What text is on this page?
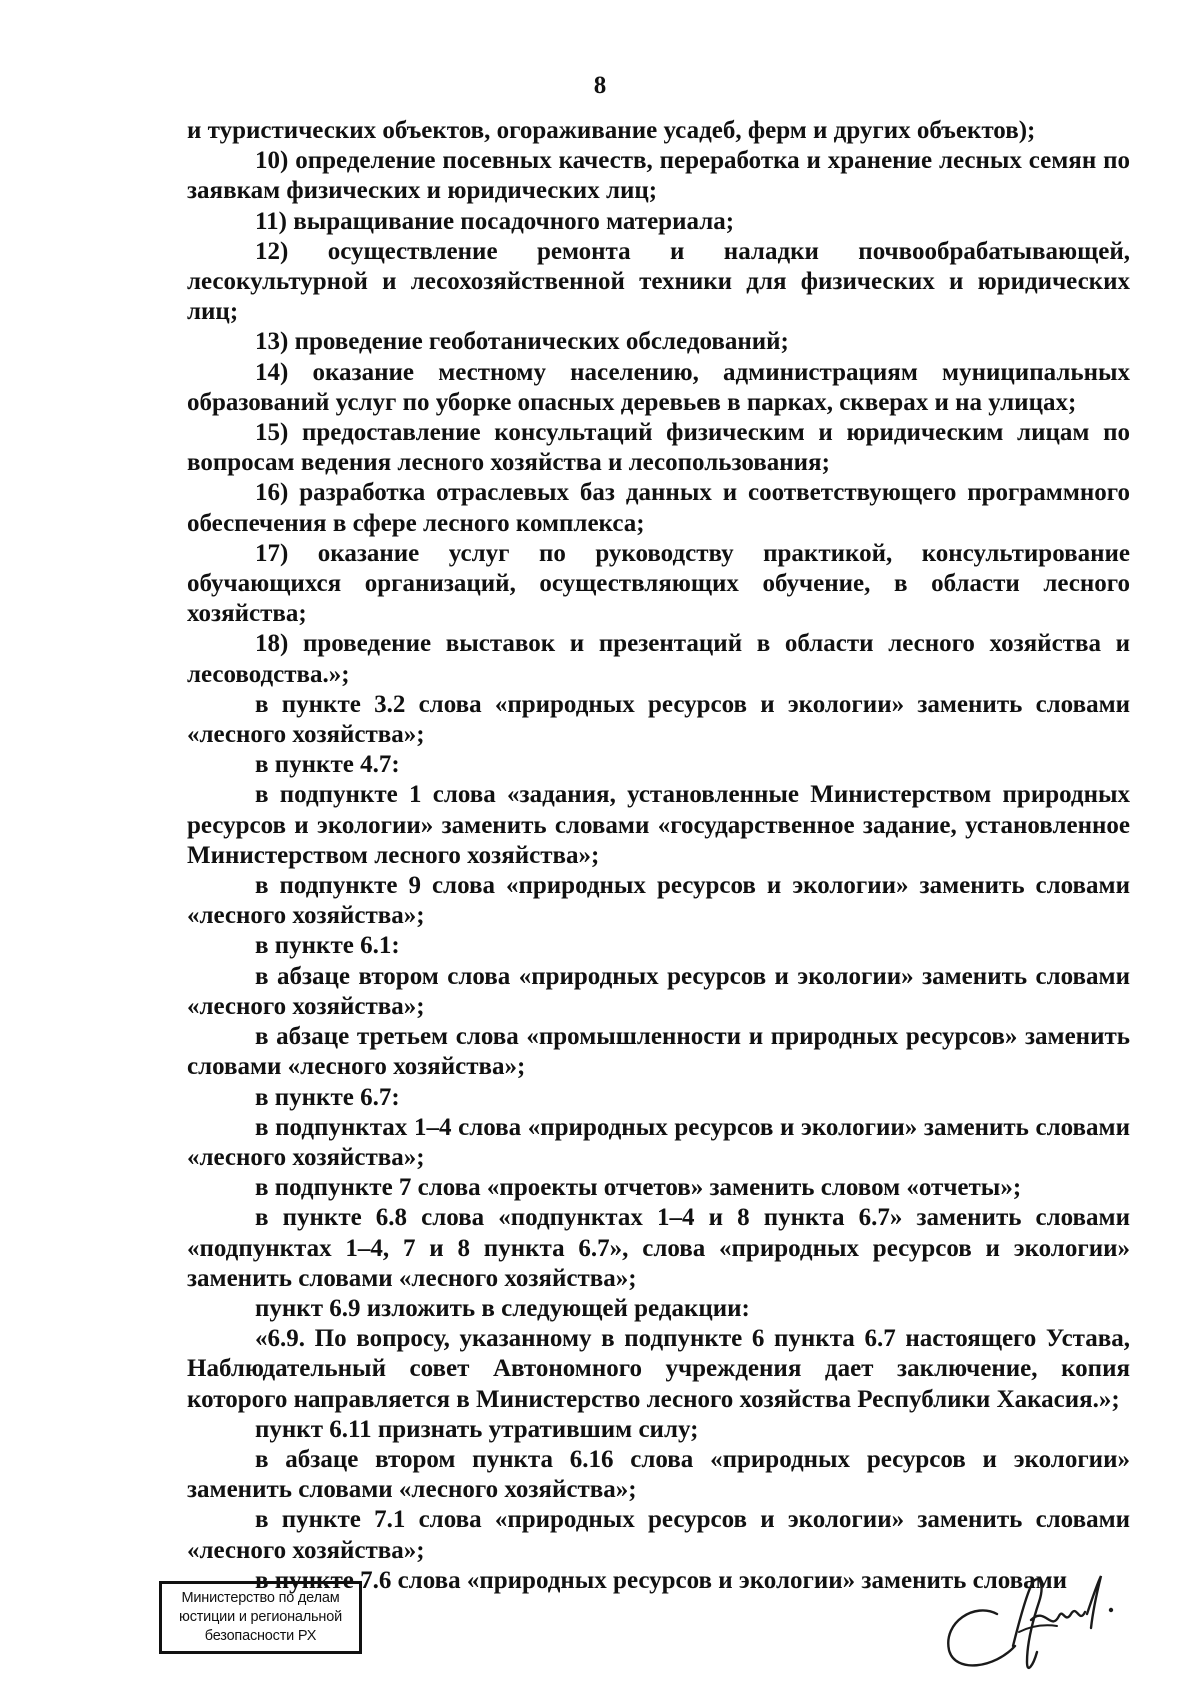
8

и туристических объектов, огораживание усадеб, ферм и других объектов);

10) определение посевных качеств, переработка и хранение лесных семян по заявкам физических и юридических лиц;

11) выращивание посадочного материала;

12) осуществление ремонта и наладки почвообрабатывающей, лесокультурной и лесохозяйственной техники для физических и юридических лиц;

13) проведение геоботанических обследований;

14) оказание местному населению, администрациям муниципальных образований услуг по уборке опасных деревьев в парках, скверах и на улицах;

15) предоставление консультаций физическим и юридическим лицам по вопросам ведения лесного хозяйства и лесопользования;

16) разработка отраслевых баз данных и соответствующего программного обеспечения в сфере лесного комплекса;

17) оказание услуг по руководству практикой, консультирование обучающихся организаций, осуществляющих обучение, в области лесного хозяйства;

18) проведение выставок и презентаций в области лесного хозяйства и лесоводства.»;

в пункте 3.2 слова «природных ресурсов и экологии» заменить словами «лесного хозяйства»;

в пункте 4.7:

в подпункте 1 слова «задания, установленные Министерством природных ресурсов и экологии» заменить словами «государственное задание, установленное Министерством лесного хозяйства»;

в подпункте 9 слова «природных ресурсов и экологии» заменить словами «лесного хозяйства»;

в пункте 6.1:

в абзаце втором слова «природных ресурсов и экологии» заменить словами «лесного хозяйства»;

в абзаце третьем слова «промышленности и природных ресурсов» заменить словами «лесного хозяйства»;

в пункте 6.7:

в подпунктах 1–4 слова «природных ресурсов и экологии» заменить словами «лесного хозяйства»;

в подпункте 7 слова «проекты отчетов» заменить словом «отчеты»;

в пункте 6.8 слова «подпунктах 1–4 и 8 пункта 6.7» заменить словами «подпунктах 1–4, 7 и 8 пункта 6.7», слова «природных ресурсов и экологии» заменить словами «лесного хозяйства»;

пункт 6.9 изложить в следующей редакции:

«6.9. По вопросу, указанному в подпункте 6 пункта 6.7 настоящего Устава, Наблюдательный совет Автономного учреждения дает заключение, копия которого направляется в Министерство лесного хозяйства Республики Хакасия.»;

пункт 6.11 признать утратившим силу;

в абзаце втором пункта 6.16 слова «природных ресурсов и экологии» заменить словами «лесного хозяйства»;

в пункте 7.1 слова «природных ресурсов и экологии» заменить словами «лесного хозяйства»;

в пункте 7.6 слова «природных ресурсов и экологии» заменить словами

Министерство по делам
юстиции и региональной
безопасности РХ
